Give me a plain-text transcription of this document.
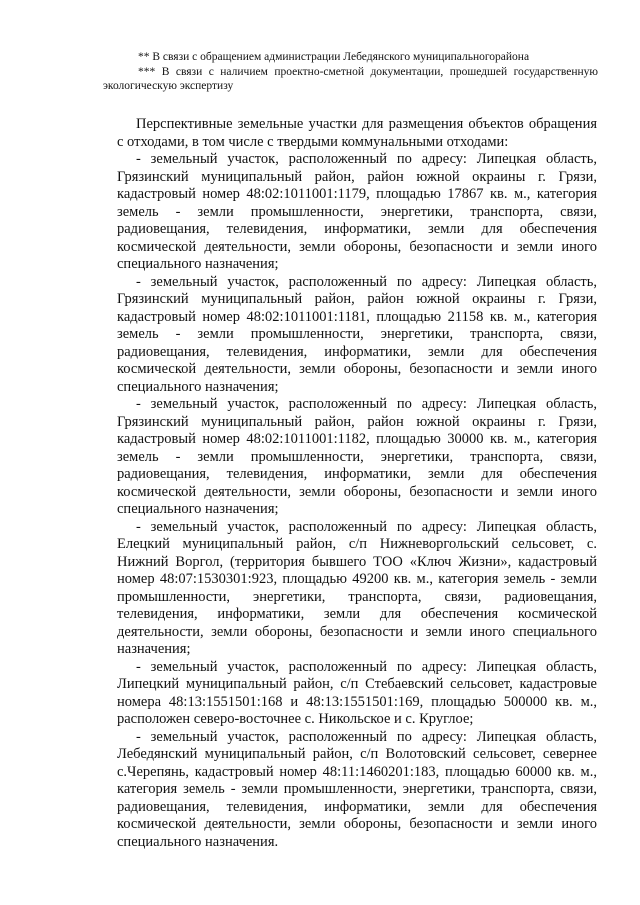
** В связи с обращением администрации Лебедянского муниципальногорайона
*** В связи с наличием проектно-сметной документации, прошедшей государственную экологическую экспертизу

Перспективные земельные участки для размещения объектов обращения с отходами, в том числе с твердыми коммунальными отходами:

- земельный участок, расположенный по адресу: Липецкая область, Грязинский муниципальный район, район южной окраины г. Грязи, кадастровый номер 48:02:1011001:1179, площадью 17867 кв. м., категория земель - земли промышленности, энергетики, транспорта, связи, радиовещания, телевидения, информатики, земли для обеспечения космической деятельности, земли обороны, безопасности и земли иного специального назначения;

- земельный участок, расположенный по адресу: Липецкая область, Грязинский муниципальный район, район южной окраины г. Грязи, кадастровый номер 48:02:1011001:1181, площадью 21158 кв. м., категория земель - земли промышленности, энергетики, транспорта, связи, радиовещания, телевидения, информатики, земли для обеспечения космической деятельности, земли обороны, безопасности и земли иного специального назначения;

- земельный участок, расположенный по адресу: Липецкая область, Грязинский муниципальный район, район южной окраины г. Грязи, кадастровый номер 48:02:1011001:1182, площадью 30000 кв. м., категория земель - земли промышленности, энергетики, транспорта, связи, радиовещания, телевидения, информатики, земли для обеспечения космической деятельности, земли обороны, безопасности и земли иного специального назначения;

- земельный участок, расположенный по адресу: Липецкая область, Елецкий муниципальный район, с/п Нижневоргольский сельсовет, с. Нижний Воргол, (территория бывшего ТОО «Ключ Жизни», кадастровый номер 48:07:1530301:923, площадью 49200 кв. м., категория земель - земли промышленности, энергетики, транспорта, связи, радиовещания, телевидения, информатики, земли для обеспечения космической деятельности, земли обороны, безопасности и земли иного специального назначения;

- земельный участок, расположенный по адресу: Липецкая область, Липецкий муниципальный район, с/п Стебаевский сельсовет, кадастровые номера 48:13:1551501:168 и 48:13:1551501:169, площадью 500000 кв. м., расположен северо-восточнее с. Никольское и с. Круглое;

- земельный участок, расположенный по адресу: Липецкая область, Лебедянский муниципальный район, с/п Волотовский сельсовет, севернее с.Черепянь, кадастровый номер 48:11:1460201:183, площадью 60000 кв. м., категория земель - земли промышленности, энергетики, транспорта, связи, радиовещания, телевидения, информатики, земли для обеспечения космической деятельности, земли обороны, безопасности и земли иного специального назначения.
